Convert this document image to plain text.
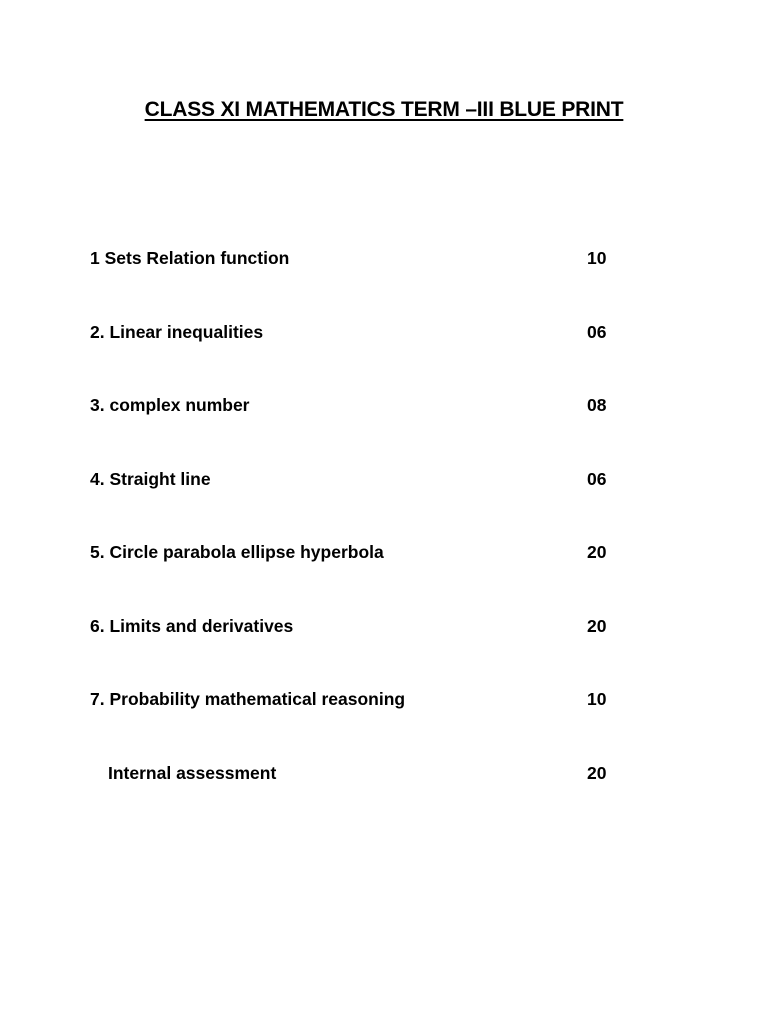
CLASS XI MATHEMATICS TERM –III BLUE PRINT
1 Sets Relation function	10
2. Linear inequalities	06
3. complex number	08
4. Straight line	06
5. Circle parabola ellipse hyperbola	20
6. Limits and derivatives	20
7. Probability mathematical reasoning	10
Internal assessment	20
